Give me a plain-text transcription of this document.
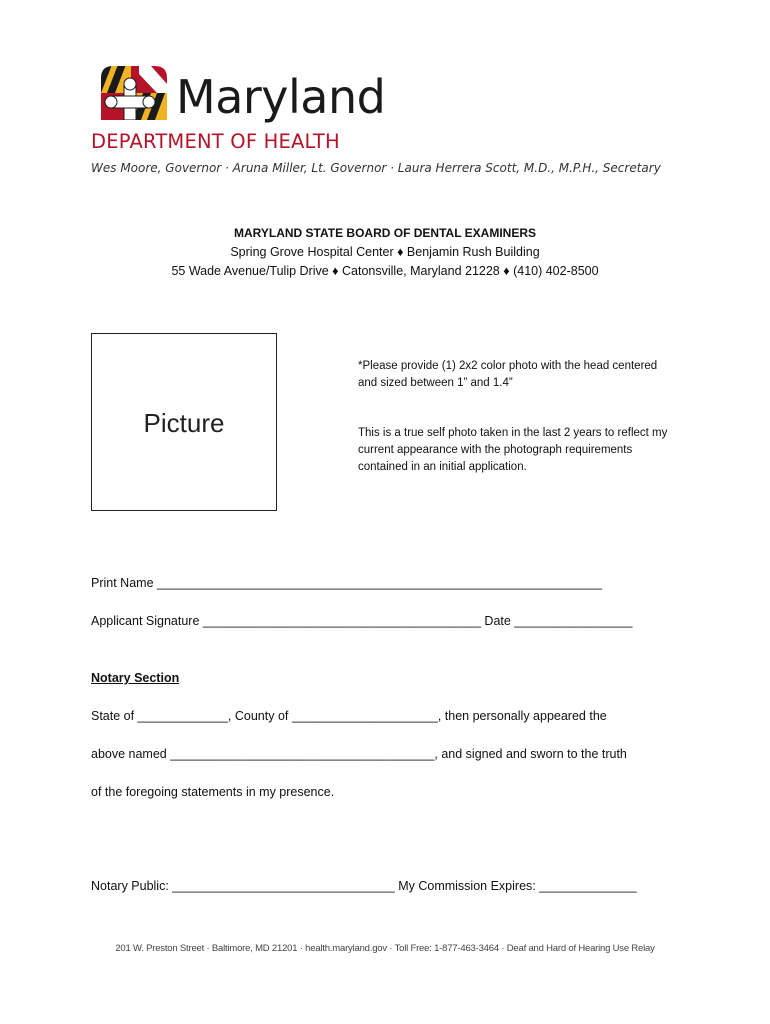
Maryland
DEPARTMENT OF HEALTH
Wes Moore, Governor · Aruna Miller, Lt. Governor · Laura Herrera Scott, M.D., M.P.H., Secretary
MARYLAND STATE BOARD OF DENTAL EXAMINERS
Spring Grove Hospital Center ♦ Benjamin Rush Building
55 Wade Avenue/Tulip Drive ♦ Catonsville, Maryland 21228 ♦ (410) 402-8500
Picture
*Please provide (1) 2x2 color photo with the head centered and sized between 1” and 1.4”
This is a true self photo taken in the last 2 years to reflect my current appearance with the photograph requirements contained in an initial application.
Print Name ________________________________________________________________
Applicant Signature ________________________________________ Date _________________
Notary Section
State of _____________, County of _____________________, then personally appeared the
above named ______________________________________, and signed and sworn to the truth
of the foregoing statements in my presence.
Notary Public: ________________________________ My Commission Expires: ______________
201 W. Preston Street · Baltimore, MD 21201 · health.maryland.gov · Toll Free: 1-877-463-3464 · Deaf and Hard of Hearing Use Relay
